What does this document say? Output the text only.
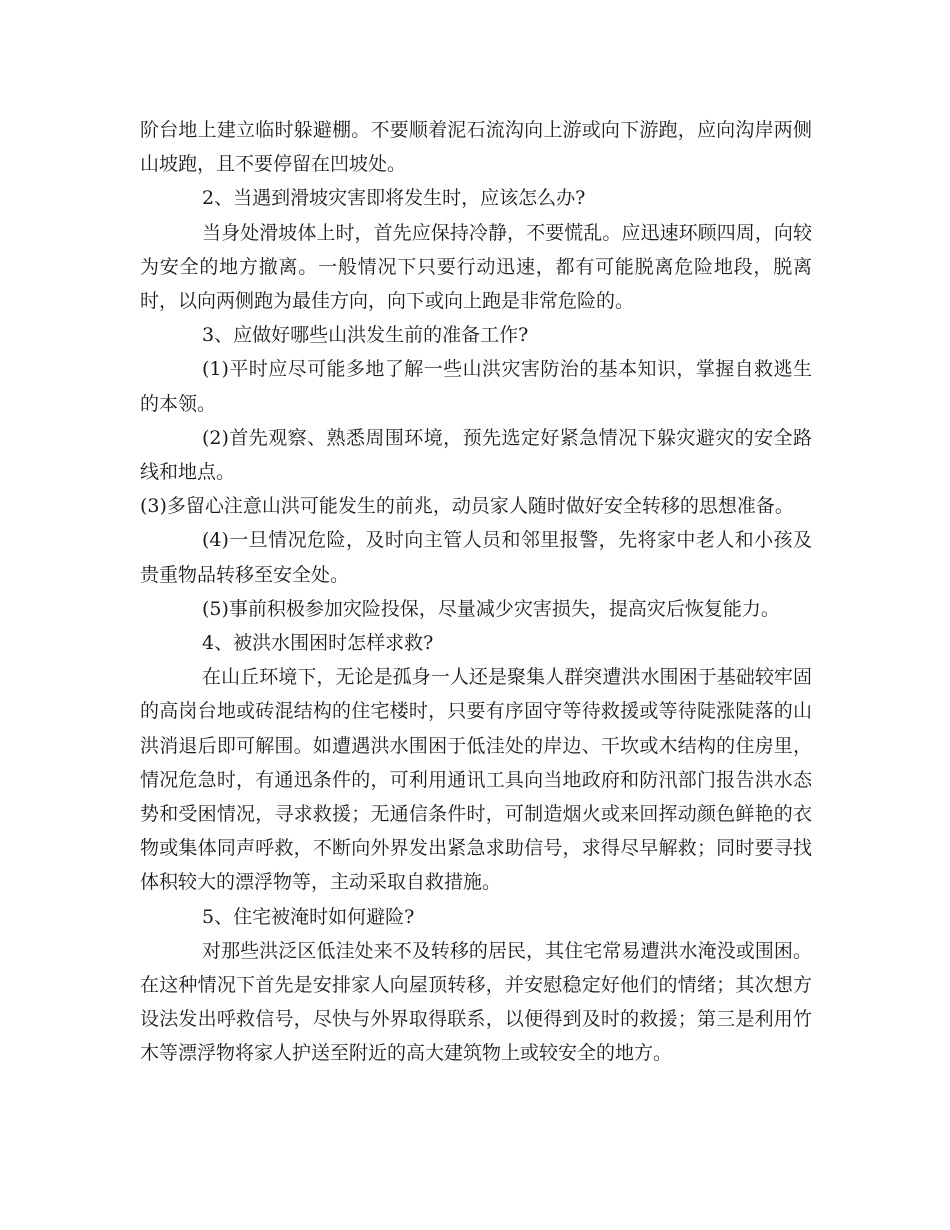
阶台地上建立临时躲避棚。不要顺着泥石流沟向上游或向下游跑，应向沟岸两侧山坡跑，且不要停留在凹坡处。

2、当遇到滑坡灾害即将发生时，应该怎么办?

当身处滑坡体上时，首先应保持冷静，不要慌乱。应迅速环顾四周，向较为安全的地方撤离。一般情况下只要行动迅速，都有可能脱离危险地段，脱离时，以向两侧跑为最佳方向，向下或向上跑是非常危险的。

3、应做好哪些山洪发生前的准备工作?

(1)平时应尽可能多地了解一些山洪灾害防治的基本知识，掌握自救逃生的本领。

(2)首先观察、熟悉周围环境，预先选定好紧急情况下躲灾避灾的安全路线和地点。

(3)多留心注意山洪可能发生的前兆，动员家人随时做好安全转移的思想准备。

(4)一旦情况危险，及时向主管人员和邻里报警，先将家中老人和小孩及贵重物品转移至安全处。

(5)事前积极参加灾险投保，尽量减少灾害损失，提高灾后恢复能力。

4、被洪水围困时怎样求救?

在山丘环境下，无论是孤身一人还是聚集人群突遭洪水围困于基础较牢固的高岗台地或砖混结构的住宅楼时，只要有序固守等待救援或等待陡涨陡落的山洪消退后即可解围。如遭遇洪水围困于低洼处的岸边、干坎或木结构的住房里，情况危急时，有通迅条件的，可利用通讯工具向当地政府和防汛部门报告洪水态势和受困情况，寻求救援；无通信条件时，可制造烟火或来回挥动颜色鲜艳的衣物或集体同声呼救，不断向外界发出紧急求助信号，求得尽早解救；同时要寻找体积较大的漂浮物等，主动采取自救措施。

5、住宅被淹时如何避险?

对那些洪泛区低洼处来不及转移的居民，其住宅常易遭洪水淹没或围困。在这种情况下首先是安排家人向屋顶转移，并安慰稳定好他们的情绪；其次想方设法发出呼救信号，尽快与外界取得联系，以便得到及时的救援；第三是利用竹木等漂浮物将家人护送至附近的高大建筑物上或较安全的地方。
